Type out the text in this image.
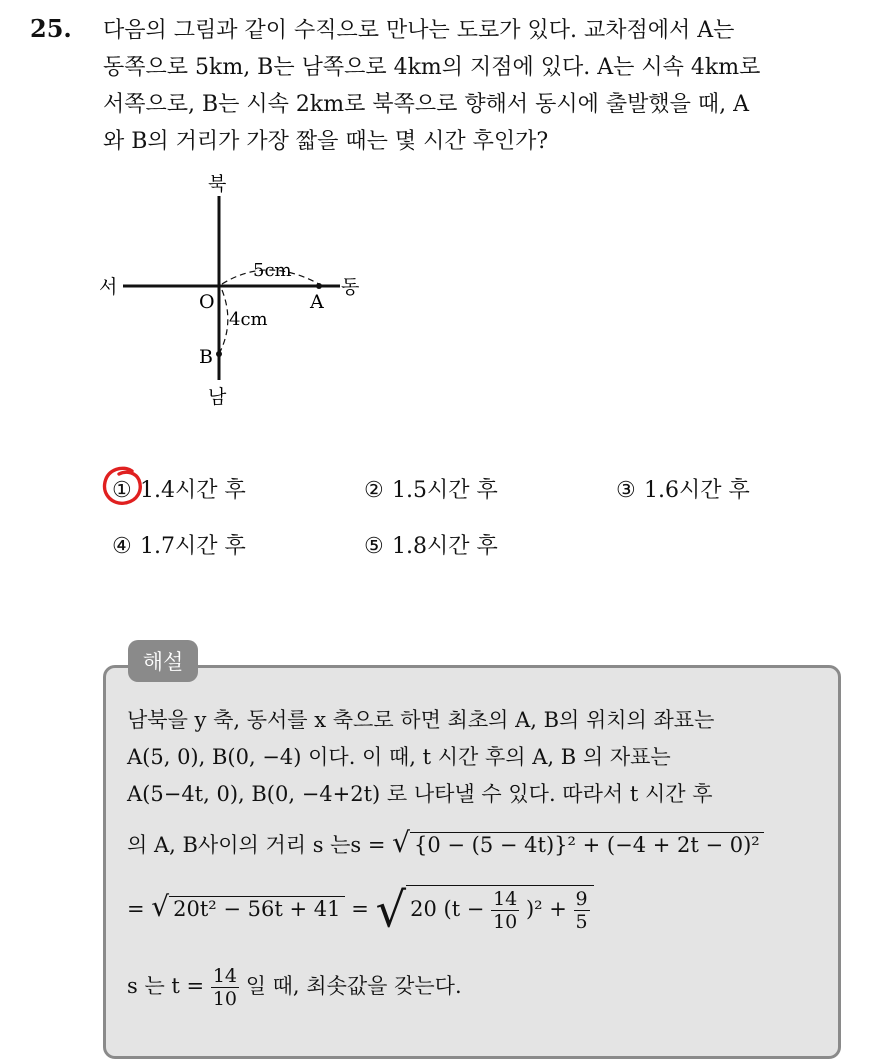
25. 다음의 그림과 같이 수직으로 만나는 도로가 있다. 교차점에서 A는
동쪽으로 5km, B는 남쪽으로 4km의 지점에 있다. A는 시속 4km로
서쪽으로, B는 시속 2km로 북쪽으로 향해서 동시에 출발했을 때, A
와 B의 거리가 가장 짧을 때는 몇 시간 후인가?
북
남
서	동
O	A
B
5cm
4cm
① 1.4시간 후	② 1.5시간 후	③ 1.6시간 후
④ 1.7시간 후	⑤ 1.8시간 후
해설
남북을 y 축, 동서를 x 축으로 하면 최초의 A, B의 위치의 좌표는
A(5, 0), B(0, −4) 이다. 이 때, t 시간 후의 A, B 의 자표는
A(5−4t, 0), B(0, −4+2t) 로 나타낼 수 있다. 따라서 t 시간 후
의 A, B사이의 거리 s 는s = √ {0 − (5 − 4t)}² + (−4 + 2t − 0)²
= √ 20t² − 56t + 41 = √ 20 $(t - \frac{14}{10} )^2 + \frac{9}{5}$
s 는 $t = \frac{14}{10}$ 일 때, 최솟값을 갖는다.
